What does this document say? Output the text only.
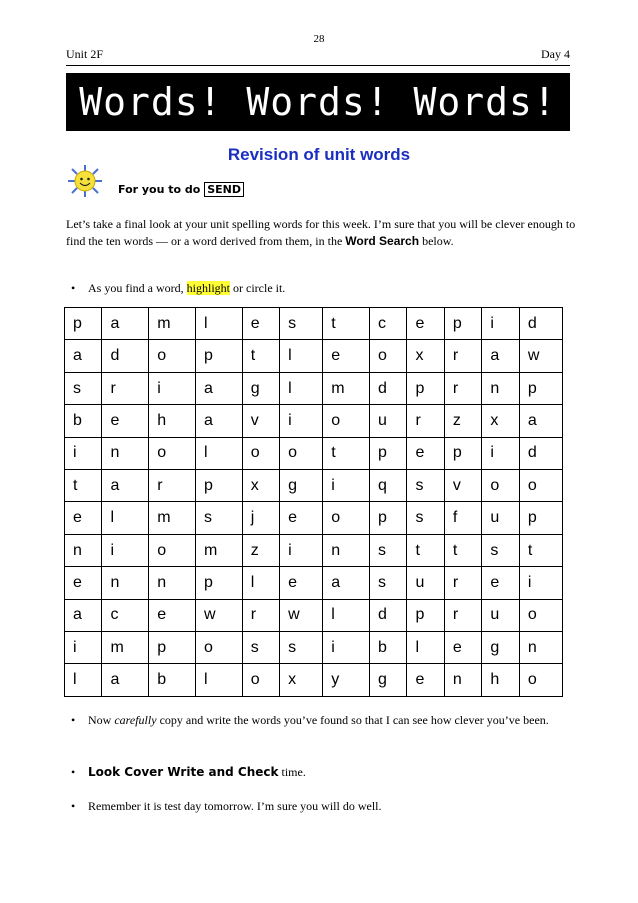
28
Unit 2F	Day 4
Words! Words! Words!
Revision of unit words
For you to do SEND
Let’s take a final look at your unit spelling words for this week. I’m sure that you will be clever enough to find the ten words — or a word derived from them, in the Word Search below.
•	As you find a word, highlight or circle it.
p	a	m	l	e	s	t	c	e	p	i	d
a	d	o	p	t	l	e	o	x	r	a	w
s	r	i	a	g	l	m	d	p	r	n	p
b	e	h	a	v	i	o	u	r	z	x	a
i	n	o	l	o	o	t	p	e	p	i	d
t	a	r	p	x	g	i	q	s	v	o	o
e	l	m	s	j	e	o	p	s	f	u	p
n	i	o	m	z	i	n	s	t	t	s	t
e	n	n	p	l	e	a	s	u	r	e	i
a	c	e	w	r	w	l	d	p	r	u	o
i	m	p	o	s	s	i	b	l	e	g	n
l	a	b	l	o	x	y	g	e	n	h	o
•	Now carefully copy and write the words you’ve found so that I can see how clever you’ve been.
•	Look Cover Write and Check time.
•	Remember it is test day tomorrow. I’m sure you will do well.
